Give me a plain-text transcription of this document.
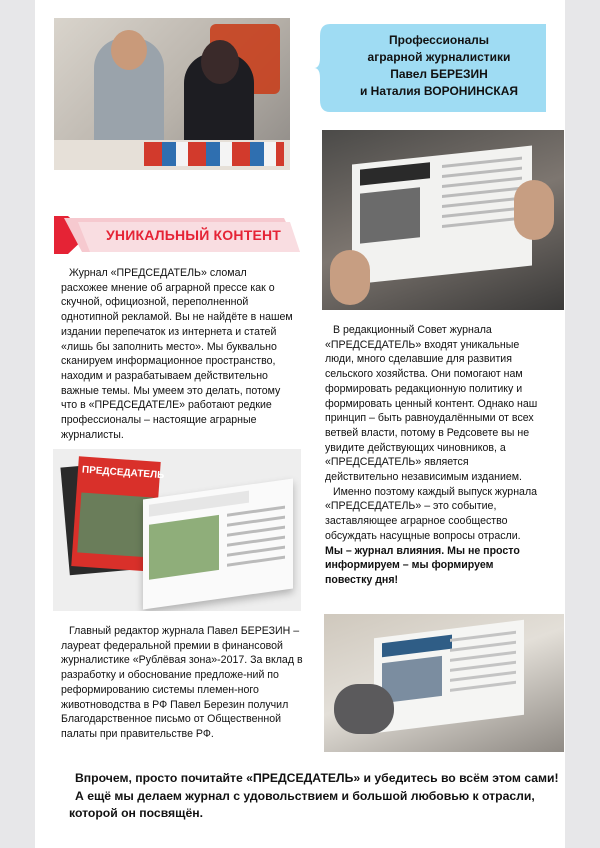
Профессионалы
аграрной журналистики
Павел БЕРЕЗИН
и Наталия ВОРОНИНСКАЯ
УНИКАЛЬНЫЙ КОНТЕНТ

Журнал «ПРЕДСЕДАТЕЛЬ» сломал расхожее мнение об аграрной прессе как о скучной, официозной, переполненной однотипной рекламой. Вы не найдёте в нашем издании перепечаток из интернета и статей «лишь бы заполнить место». Мы буквально сканируем информационное пространство, находим и разрабатываем действительно важные темы. Мы умеем это делать, потому что в «ПРЕДСЕДАТЕЛЕ» работают редкие профессионалы – настоящие аграрные журналисты.

В редакционный Совет журнала «ПРЕДСЕДАТЕЛЬ» входят уникальные люди, много сделавшие для развития сельского хозяйства. Они помогают нам формировать редакционную политику и формировать ценный контент. Однако наш принцип – быть равноудалёнными от всех ветвей власти, потому в Редсовете вы не увидите действующих чиновников, а «ПРЕДСЕДАТЕЛЬ» является действительно независимым изданием.

Именно поэтому каждый выпуск журнала «ПРЕДСЕДАТЕЛЬ» – это событие, заставляющее аграрное сообщество обсуждать насущные вопросы отрасли. Мы – журнал влияния. Мы не просто информируем – мы формируем повестку дня!

ПРЕДСЕДАТЕЛЬ

Главный редактор журнала Павел БЕРЕЗИН – лауреат федеральной премии в финансовой журналистике «Рублёвая зона»-2017. За вклад в разработку и обоснование предложе-ний по реформированию системы племен-ного животноводства в РФ Павел Березин получил Благодарственное письмо от Общественной палаты при правительстве РФ.

Впрочем, просто почитайте «ПРЕДСЕДАТЕЛЬ» и убедитесь во всём этом сами!

А ещё мы делаем журнал с удовольствием и большой любовью к отрасли, которой он посвящён.
